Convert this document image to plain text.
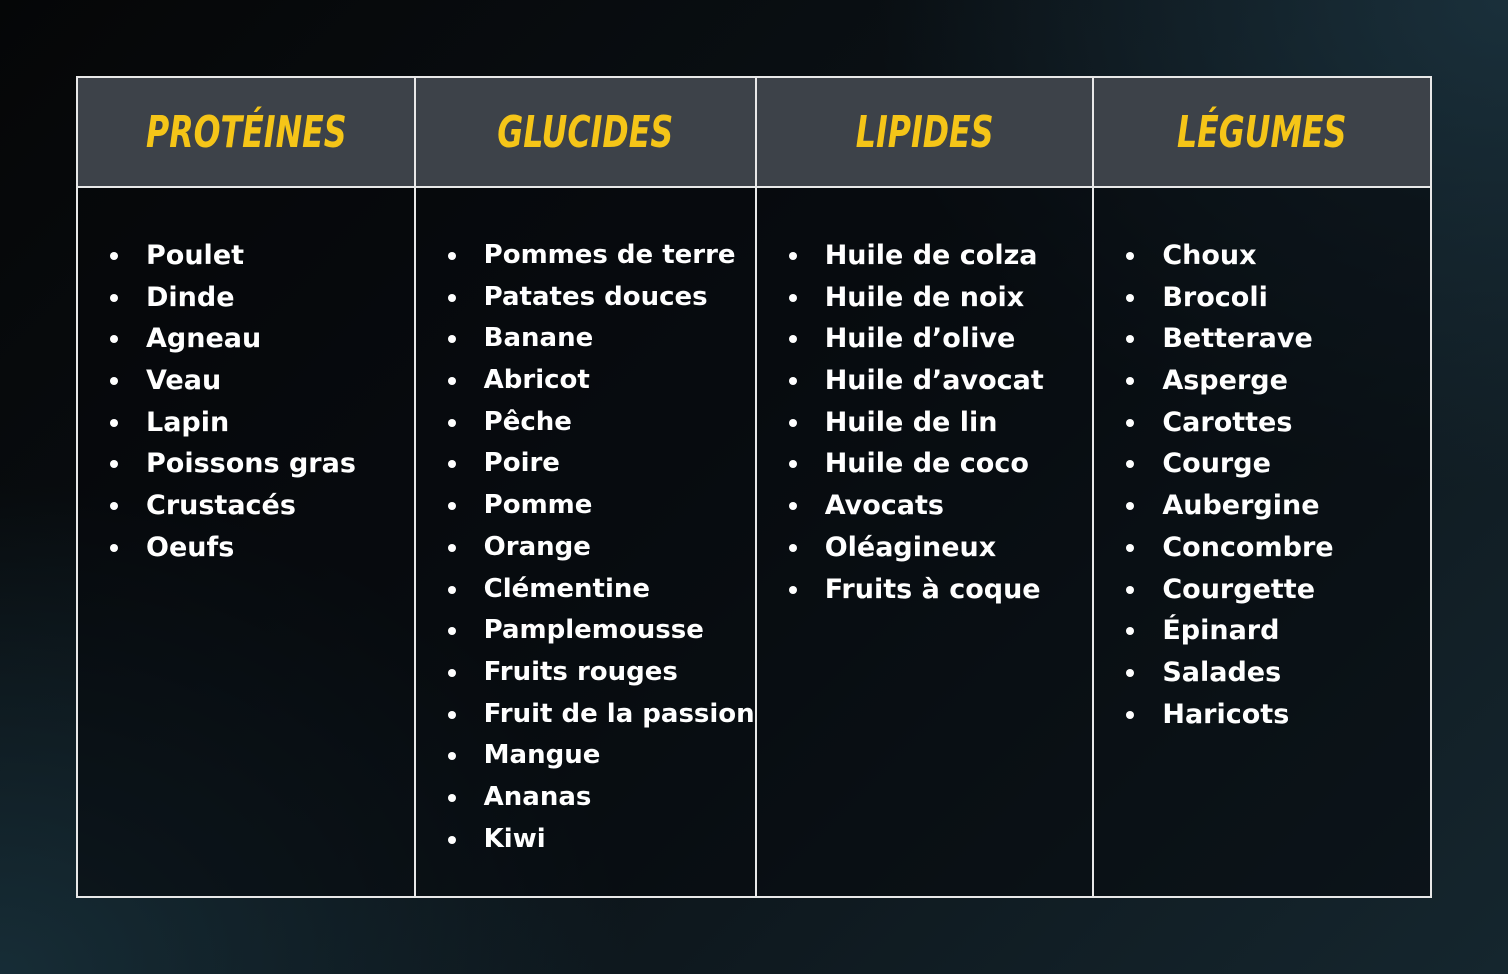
PROTÉINES
Poulet
Dinde
Agneau
Veau
Lapin
Poissons gras
Crustacés
Oeufs
GLUCIDES
Pommes de terre
Patates douces
Banane
Abricot
Pêche
Poire
Pomme
Orange
Clémentine
Pamplemousse
Fruits rouges
Fruit de la passion
Mangue
Ananas
Kiwi
LIPIDES
Huile de colza
Huile de noix
Huile d’olive
Huile d’avocat
Huile de lin
Huile de coco
Avocats
Oléagineux
Fruits à coque
LÉGUMES
Choux
Brocoli
Betterave
Asperge
Carottes
Courge
Aubergine
Concombre
Courgette
Épinard
Salades
Haricots
